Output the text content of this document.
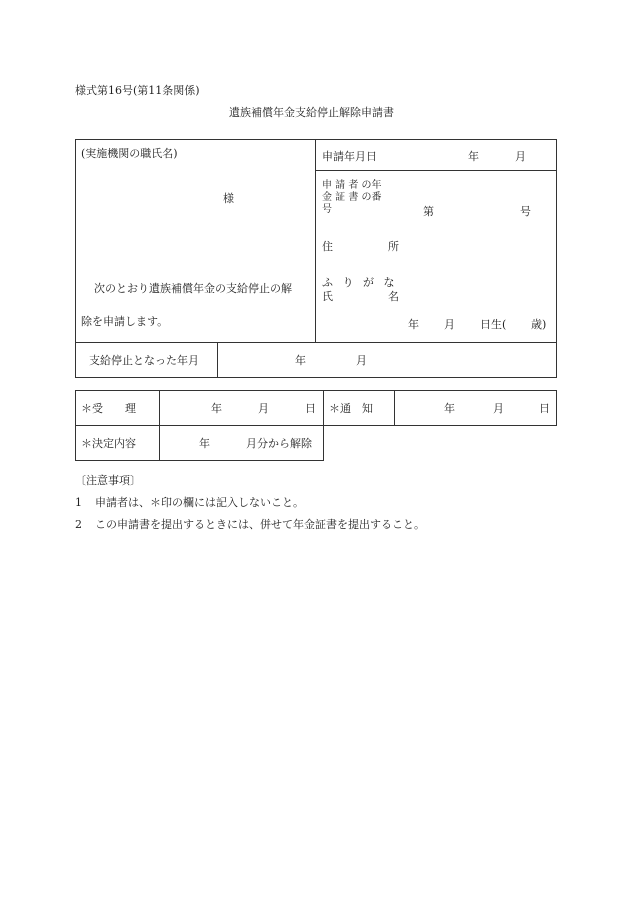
様式第16号(第11条関係)
遺族補償年金支給停止解除申請書
(実施機関の職氏名)
様
次のとおり遺族補償年金の支給停止の解
除を申請します。
申請年月日	年	月
申 請 者 の年
金 証 書 の番
号	第	号
住	所
ふ り が な
氏	名
年 月 日生( 歳)
支給停止となった年月	年	月
＊受　　理	年	月	日 ＊通　知	年	月	日
＊決定内容	年	月分から解除
〔注意事項〕
1 申請者は、＊印の欄には記入しないこと。
2 この申請書を提出するときには、併せて年金証書を提出すること。
